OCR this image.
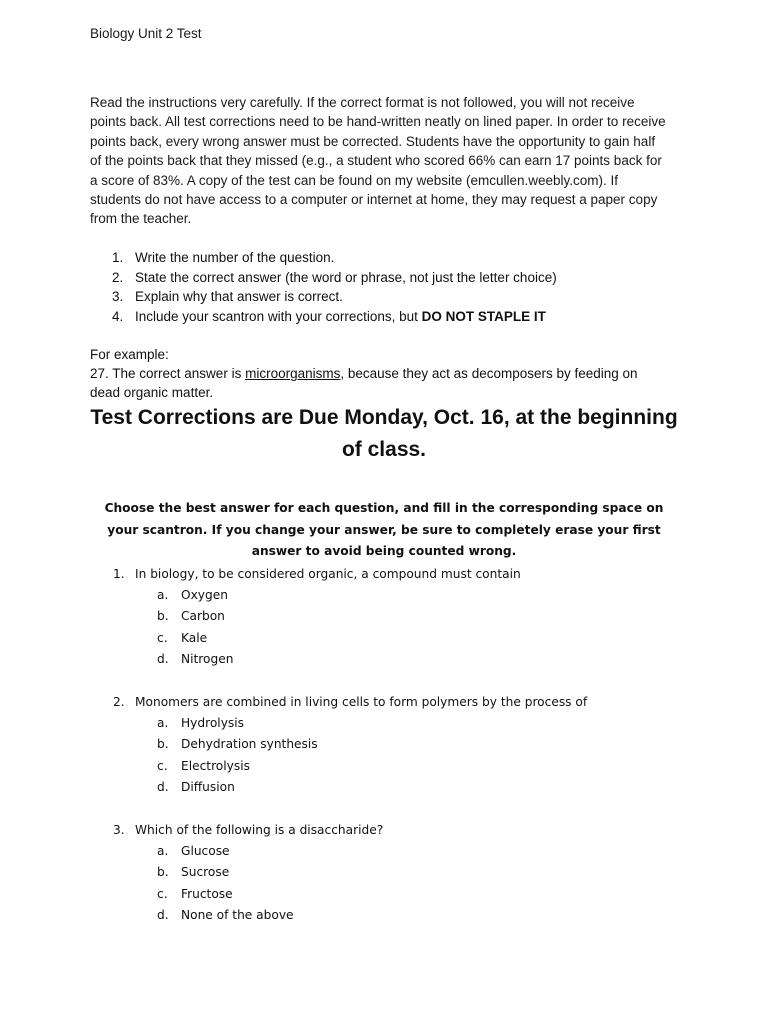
Biology Unit 2 Test
Read the instructions very carefully. If the correct format is not followed, you will not receive points back. All test corrections need to be hand-written neatly on lined paper. In order to receive points back, every wrong answer must be corrected. Students have the opportunity to gain half of the points back that they missed (e.g., a student who scored 66% can earn 17 points back for a score of 83%. A copy of the test can be found on my website (emcullen.weebly.com). If students do not have access to a computer or internet at home, they may request a paper copy from the teacher.
1. Write the number of the question.
2. State the correct answer (the word or phrase, not just the letter choice)
3. Explain why that answer is correct.
4. Include your scantron with your corrections, but DO NOT STAPLE IT
For example:
27. The correct answer is microorganisms, because they act as decomposers by feeding on dead organic matter.
Test Corrections are Due Monday, Oct. 16, at the beginning of class.
Choose the best answer for each question, and fill in the corresponding space on your scantron. If you change your answer, be sure to completely erase your first answer to avoid being counted wrong.
1. In biology, to be considered organic, a compound must contain
a.	Oxygen
b.	Carbon
c.	Kale
d.	Nitrogen
2. Monomers are combined in living cells to form polymers by the process of
a.	Hydrolysis
b.	Dehydration synthesis
c.	Electrolysis
d.	Diffusion
3. Which of the following is a disaccharide?
a.	Glucose
b.	Sucrose
c.	Fructose
d.	None of the above
